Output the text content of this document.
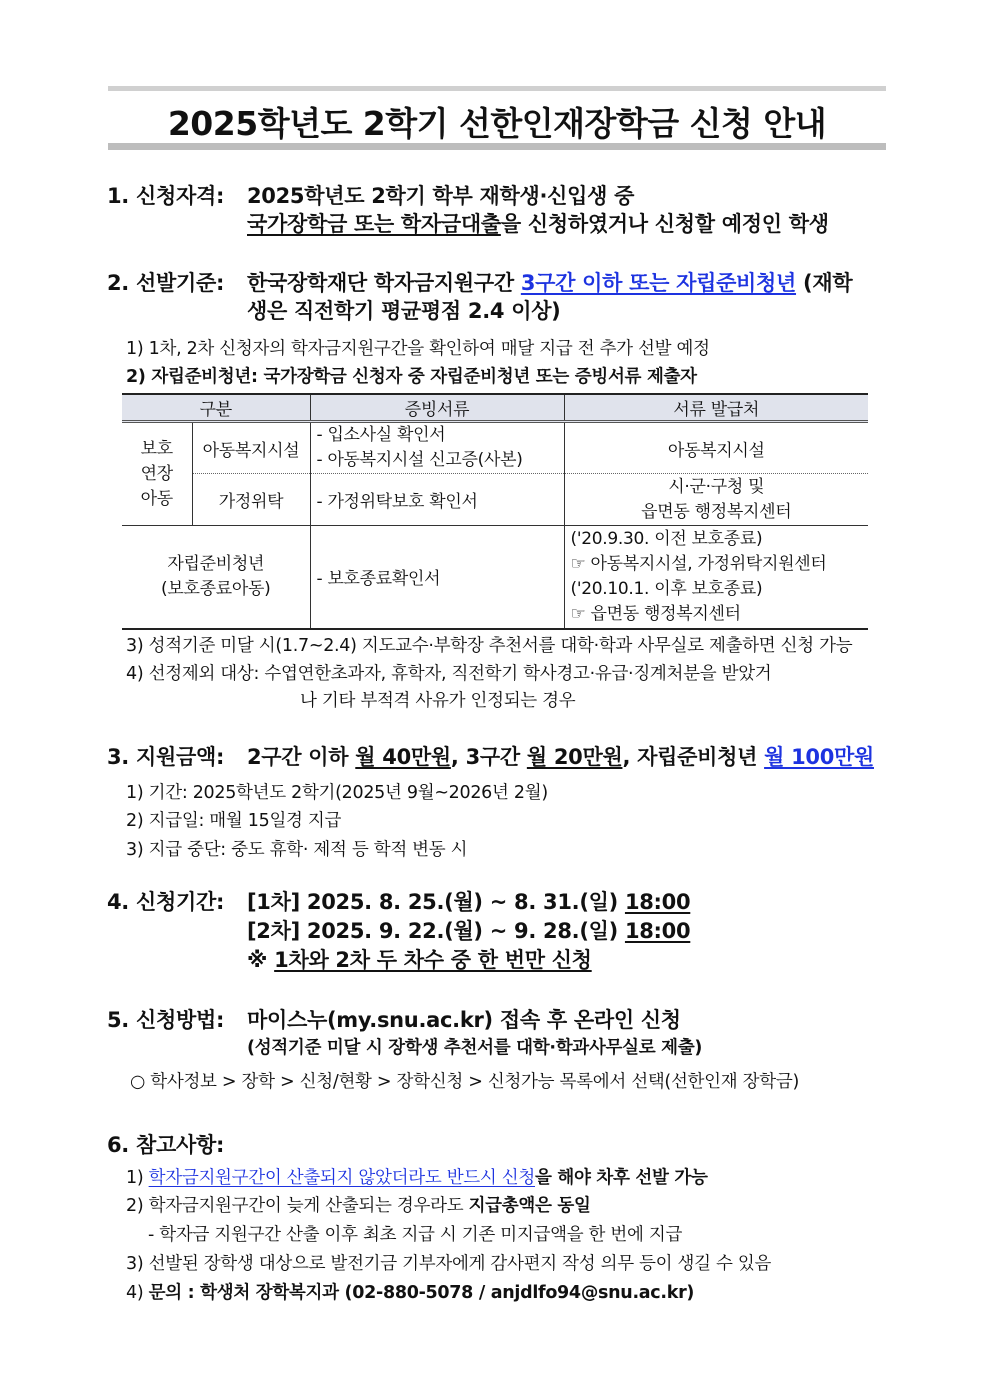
2025학년도 2학기 선한인재장학금 신청 안내
1. 신청자격: 2025학년도 2학기 학부 재학생·신입생 중
국가장학금 또는 학자금대출을 신청하였거나 신청할 예정인 학생
2. 선발기준: 한국장학재단 학자금지원구간 3구간 이하 또는 자립준비청년 (재학
생은 직전학기 평균평점 2.4 이상)
1) 1차, 2차 신청자의 학자금지원구간을 확인하여 매달 지급 전 추가 선발 예정
2) 자립준비청년: 국가장학금 신청자 중 자립준비청년 또는 증빙서류 제출자
구분		증빙서류	서류 발급처

보호
연장
아동	아동복지시설	- 입소사실 확인서
- 아동복지시설 신고증(사본)	아동복지시설
	가정위탁	- 가정위탁보호 확인서	시·군·구청 및
읍면동 행정복지센터

자립준비청년
(보호종료아동)		- 보호종료확인서	('20.9.30. 이전 보호종료)
☞ 아동복지시설, 가정위탁지원센터
('20.10.1. 이후 보호종료)
☞ 읍면동 행정복지센터
3) 성적기준 미달 시(1.7~2.4) 지도교수·부학장 추천서를 대학·학과 사무실로 제출하면 신청 가능
4) 선정제외 대상: 수엽연한초과자, 휴학자, 직전학기 학사경고·유급·징계처분을 받았거
나 기타 부적격 사유가 인정되는 경우
3. 지원금액: 2구간 이하 월 40만원, 3구간 월 20만원, 자립준비청년 월 100만원
1) 기간: 2025학년도 2학기(2025년 9월~2026년 2월)
2) 지급일: 매월 15일경 지급
3) 지급 중단: 중도 휴학· 제적 등 학적 변동 시
4. 신청기간: [1차] 2025. 8. 25.(월) ~ 8. 31.(일) 18:00
[2차] 2025. 9. 22.(월) ~ 9. 28.(일) 18:00
※ 1차와 2차 두 차수 중 한 번만 신청
5. 신청방법: 마이스누(my.snu.ac.kr) 접속 후 온라인 신청
(성적기준 미달 시 장학생 추천서를 대학·학과사무실로 제출)
○ 학사정보 > 장학 > 신청/현황 > 장학신청 > 신청가능 목록에서 선택(선한인재 장학금)
6. 참고사항:
1) 학자금지원구간이 산출되지 않았더라도 반드시 신청을 해야 차후 선발 가능
2) 학자금지원구간이 늦게 산출되는 경우라도 지급총액은 동일
- 학자금 지원구간 산출 이후 최초 지급 시 기존 미지급액을 한 번에 지급
3) 선발된 장학생 대상으로 발전기금 기부자에게 감사편지 작성 의무 등이 생길 수 있음
4) 문의 : 학생처 장학복지과 (02-880-5078 / anjdlfo94@snu.ac.kr)
